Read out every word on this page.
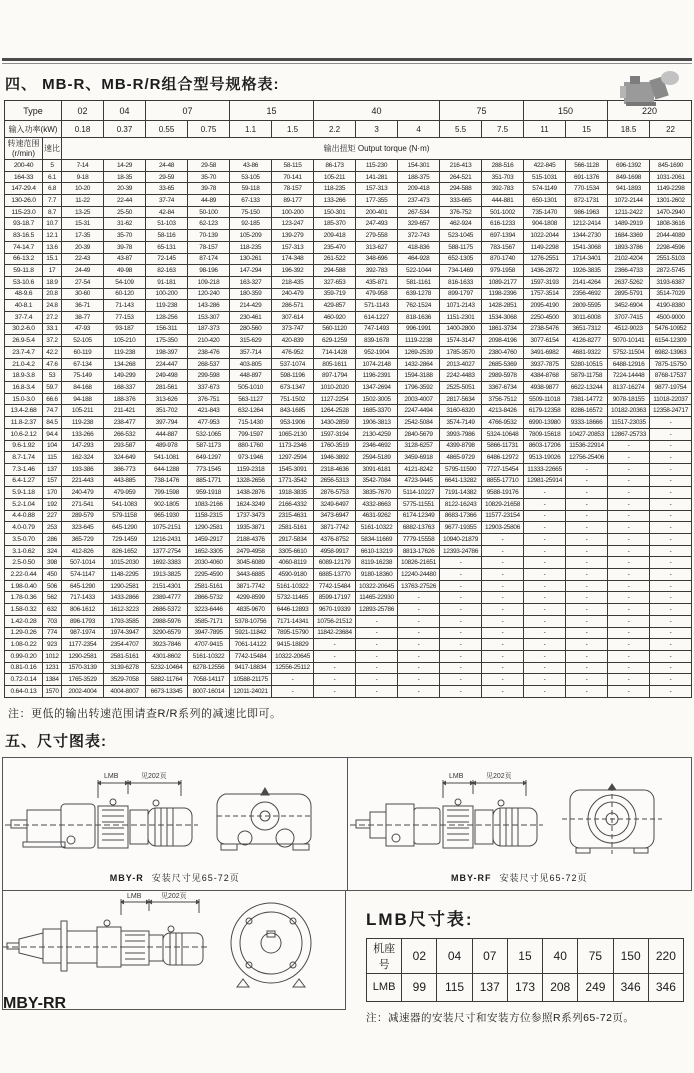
四、 MB-R、MB-R/R组合型号规格表:
Type		02	04	07		15		40			75		150		220	
输入功率(kW)		0.18	0.37	0.55	0.75	1.1	1.5	2.2	3	4	5.5	7.5	11	15	18.5	22

转速范围
(r/min)	速比	输出扭矩 Output torque (N·m)														
200-40	5	7-14	14-29	24-48	29-58	43-86	58-115	86-173	115-230	154-301	216-413	288-516	422-845	566-1128	696-1392	845-1690
164-33	6.1	9-18	18-35	29-59	35-70	53-105	70-141	105-211	141-281	188-375	264-521	351-703	515-1031	691-1376	849-1698	1031-2061
147-29.4	6.8	10-20	20-39	33-65	39-78	59-118	78-157	118-235	157-313	209-418	294-588	392-783	574-1149	770-1534	941-1893	1149-2298
130-26.0	7.7	11-22	22-44	37-74	44-89	67-133	89-177	133-266	177-355	237-473	333-665	444-881	650-1301	872-1731	1072-2144	1301-2602
115-23.0	8.7	13-25	25-50	42-84	50-100	75-150	100-200	150-301	200-401	267-534	376-752	501-1002	735-1470	986-1963	1211-2422	1470-2940
93-18.7	10.7	15-31	31-62	51-103	62-123	92-185	123-247	185-370	247-493	329-657	462-924	616-1233	904-1808	1212-2414	1489-2919	1808-3616
83-16.5	12.1	17-35	35-70	58-116	70-139	105-209	139-279	209-418	279-558	372-743	523-1045	697-1394	1022-2044	1344-2730	1684-3369	2044-4089
74-14.7	13.6	20-39	39-78	65-131	78-157	118-235	157-313	235-470	313-627	418-836	588-1175	783-1567	1149-2298	1541-3068	1893-3786	2298-4596
66-13.2	15.1	22-43	43-87	72-145	87-174	130-261	174-348	261-522	348-696	464-928	652-1305	870-1740	1276-2551	1714-3401	2102-4204	2551-5103
59-11.8	17	24-49	49-98	82-163	98-196	147-294	196-392	294-588	392-783	522-1044	734-1469	979-1958	1436-2872	1926-3835	2366-4733	2872-5745
53-10.6	18.9	27-54	54-109	91-181	109-218	163-327	218-435	327-653	435-871	581-1161	816-1633	1089-2177	1597-3193	2141-4264	2637-5262	3193-6387
48-9.6	20.8	30-60	60-120	100-200	120-240	180-359	240-479	359-719	479-958	639-1278	899-1797	1198-2396	1757-3514	2356-4692	2895-5791	3514-7029
40-8.1	24.8	36-71	71-143	119-238	143-286	214-429	286-571	429-857	571-1143	762-1524	1071-2143	1428-2851	2095-4190	2809-5595	3452-6904	4190-8380
37-7.4	27.2	38-77	77-153	128-256	153-307	230-461	307-614	460-920	614-1227	818-1636	1151-2301	1534-3068	2250-4500	3011-6008	3707-7415	4500-9000
30.2-6.0	33.1	47-93	93-187	156-311	187-373	280-560	373-747	560-1120	747-1493	996-1991	1400-2800	1861-3734	2738-5476	3651-7312	4512-9023	5476-10952
26.9-5.4	37.2	52-105	105-210	175-350	210-420	315-629	420-839	629-1259	839-1678	1119-2238	1574-3147	2098-4196	3077-6154	4126-8277	5070-10141	6154-12309
23.7-4.7	42.2	60-119	119-238	198-397	238-476	357-714	476-952	714-1428	952-1904	1269-2539	1785-3570	2380-4760	3491-6982	4681-9322	5752-11504	6982-13963
21.0-4.2	47.6	67-134	134-268	224-447	268-537	403-805	537-1074	805-1611	1074-2148	1432-2864	2013-4027	2685-5369	3937-7875	5280-10515	6488-12916	7875-15750
18.9-3.8	53	75-149	149-299	249-498	299-598	448-897	598-1196	897-1794	1196-2391	1594-3188	2242-4483	2989-5978	4384-8768	5879-11758	7224-14448	8768-17537
16.8-3.4	59.7	84-168	168-337	281-561	337-673	505-1010	673-1347	1010-2020	1347-2694	1796-3592	2525-5051	3367-6734	4938-9877	6622-13244	8137-16274	9877-19754
15.0-3.0	66.6	94-188	188-376	313-626	376-751	563-1127	751-1502	1127-2254	1502-3005	2003-4007	2817-5634	3756-7512	5509-11018	7381-14772	9078-18155	11018-22037
13.4-2.68	74.7	105-211	211-421	351-702	421-843	632-1264	843-1685	1264-2528	1685-3370	2247-4494	3160-6320	4213-8426	6179-12358	8286-16572	10182-20363	12358-24717
11.8-2.37	84.5	119-238	238-477	397-794	477-953	715-1430	953-1906	1430-2859	1906-3813	2542-5084	3574-7149	4766-9532	6990-13980	9333-18666	11517-23035	-
10.6-2.12	94.4	133-266	266-532	444-887	532-1065	799-1597	1065-2130	1597-3194	2130-4259	2840-5679	3993-7986	5324-10648	7809-15618	10427-20853	12867-25733	-
9.6-1.92	104	147-293	293-587	489-978	587-1173	880-1760	1173-2346	1760-3519	2346-4692	3128-6257	4399-8798	5866-11731	8603-17206	11536-22914	-	-
8.7-1.74	115	162-324	324-649	541-1081	649-1297	973-1946	1297-2594	1946-3892	2594-5189	3459-6918	4865-9729	6486-12972	9513-19026	12756-25406	-	-
7.3-1.46	137	193-386	386-773	644-1288	773-1545	1159-2318	1545-3091	2318-4636	3091-6181	4121-8242	5795-11590	7727-15454	11333-22665	-	-	-
6.4-1.27	157	221-443	443-885	738-1476	885-1771	1328-2656	1771-3542	2656-5313	3542-7084	4723-9445	6641-13282	8855-17710	12981-25914	-	-	-
5.9-1.18	170	240-479	479-959	799-1598	959-1918	1438-2876	1918-3835	2876-5753	3835-7670	5114-10227	7191-14382	9588-19176	-	-	-	-
5.2-1.04	192	271-541	541-1083	902-1805	1083-2166	1624-3249	2166-4332	3249-6497	4332-8663	5775-11551	8122-16243	10829-21658	-	-	-	-
4.4-0.88	227	289-579	579-1158	965-1930	1158-2315	1737-3473	2315-4631	3473-6947	4631-9262	6174-12349	8683-17366	11577-23154	-	-	-	-
4.0-0.79	253	323-645	645-1290	1075-2151	1290-2581	1935-3871	2581-5161	3871-7742	5161-10322	6882-13763	9677-19355	12903-25806	-	-	-	-
3.5-0.70	286	365-729	729-1459	1216-2431	1459-2917	2188-4376	2917-5834	4376-8752	5834-11669	7779-15558	10940-21879	-	-	-	-	-
3.1-0.62	324	412-826	826-1652	1377-2754	1652-3305	2479-4958	3305-6610	4958-9917	6610-13219	8813-17626	12393-24786	-	-	-	-	-
2.5-0.50	398	507-1014	1015-2030	1692-3383	2030-4060	3045-6089	4060-8119	6089-12179	8119-16238	10826-21651	-	-	-	-	-	-
2.22-0.44	450	574-1147	1148-2295	1913-3825	2295-4590	3443-6885	4590-9180	6885-13770	9180-18360	12240-24480	-	-	-	-	-	-
1.98-0.40	506	645-1290	1290-2581	2151-4301	2581-5161	3871-7742	5161-10322	7742-15484	10322-20645	13763-27526	-	-	-	-	-	-
1.78-0.36	562	717-1433	1433-2866	2389-4777	2866-5732	4299-8599	5732-11465	8599-17197	11465-22930	-	-	-	-	-	-	-
1.58-0.32	632	806-1612	1612-3223	2686-5372	3223-6446	4835-9670	6446-12893	9670-19339	12893-25786	-	-	-	-	-	-	-
1.42-0.28	703	896-1793	1793-3585	2988-5976	3585-7171	5378-10756	7171-14341	10756-21512	-	-	-	-	-	-	-	-
1.29-0.26	774	987-1974	1974-3947	3290-6579	3947-7895	5921-11842	7895-15790	11842-23684	-	-	-	-	-	-	-	-
1.08-0.22	923	1177-2354	2354-4707	3923-7846	4707-9415	7061-14122	9415-18829	-	-	-	-	-	-	-	-	-
0.99-0.20	1012	1290-2581	2581-5161	4301-8602	5161-10322	7742-15484	10322-20645	-	-	-	-	-	-	-	-	-
0.81-0.16	1231	1570-3139	3139-6278	5232-10464	6278-12556	9417-18834	12556-25112	-	-	-	-	-	-	-	-	-
0.72-0.14	1384	1765-3529	3529-7058	5882-11764	7058-14117	10588-21175	-	-	-	-	-	-	-	-	-	-
0.64-0.13	1570	2002-4004	4004-8007	6673-13345	8007-16014	12011-24021	-	-	-	-	-	-	-	-	-	-
注：更低的输出转速范围请查R/R系列的减速比即可。
五、尺寸图表:
LMB	见202页
MBY-R 安装尺寸见65-72页
LMB	见202页
MBY-RF 安装尺寸见65-72页
LMB	见202页
MBY-RR
LMB尺寸表:
机座号	02	04	07	15	40	75	150	220
LMB	99	115	137	173	208	249	346	346
注：减速器的安装尺寸和安装方位参照R系列65-72页。
